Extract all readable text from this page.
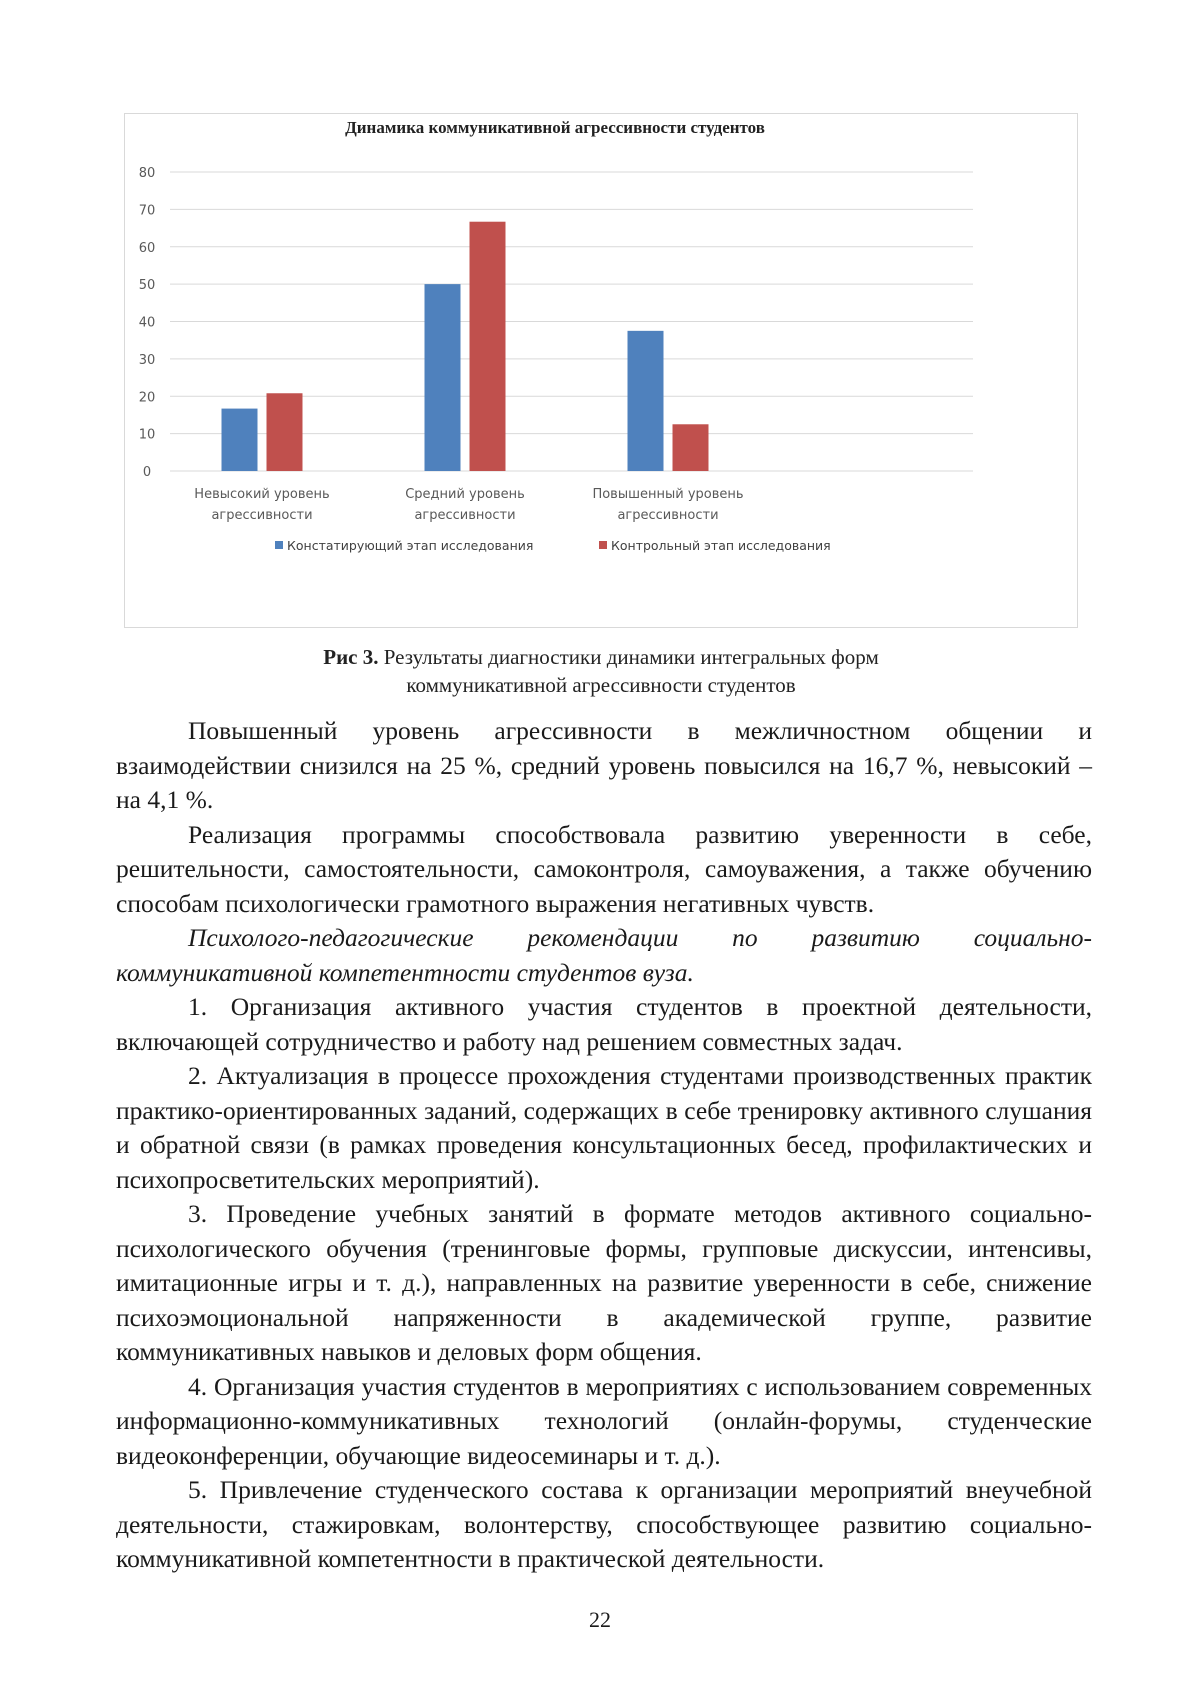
Динамика коммуникативной агрессивности студентов
0
10
20
30
40
50
60
70
80
Невысокий уровень
агрессивности
Средний уровень
агрессивности
Повышенный уровень
агрессивности
Констатирующий этап исследования	Контрольный этап исследования
Рис 3. Результаты диагностики динамики интегральных форм
коммуникативной агрессивности студентов

Повышенный уровень агрессивности в межличностном общении и взаимодействии снизился на 25 %, средний уровень повысился на 16,7 %, невысокий – на 4,1 %.

Реализация программы способствовала развитию уверенности в себе, решительности, самостоятельности, самоконтроля, самоуважения, а также обучению способам психологически грамотного выражения негативных чувств.

Психолого-педагогические рекомендации по развитию социально-коммуникативной компетентности студентов вуза.

1. Организация активного участия студентов в проектной деятельности, включающей сотрудничество и работу над решением совместных задач.

2. Актуализация в процессе прохождения студентами производственных практик практико-ориентированных заданий, содержащих в себе тренировку активного слушания и обратной связи (в рамках проведения консультационных бесед, профилактических и психопросветительских мероприятий).

3. Проведение учебных занятий в формате методов активного социально-психологического обучения (тренинговые формы, групповые дискуссии, интенсивы, имитационные игры и т. д.), направленных на развитие уверенности в себе, снижение психоэмоциональной напряженности в академической группе, развитие коммуникативных навыков и деловых форм общения.

4. Организация участия студентов в мероприятиях с использованием современных информационно-коммуникативных технологий (онлайн-форумы, студенческие видеоконференции, обучающие видеосеминары и т. д.).

5. Привлечение студенческого состава к организации мероприятий внеучебной деятельности, стажировкам, волонтерству, способствующее развитию социально-коммуникативной компетентности в практической деятельности.

22
